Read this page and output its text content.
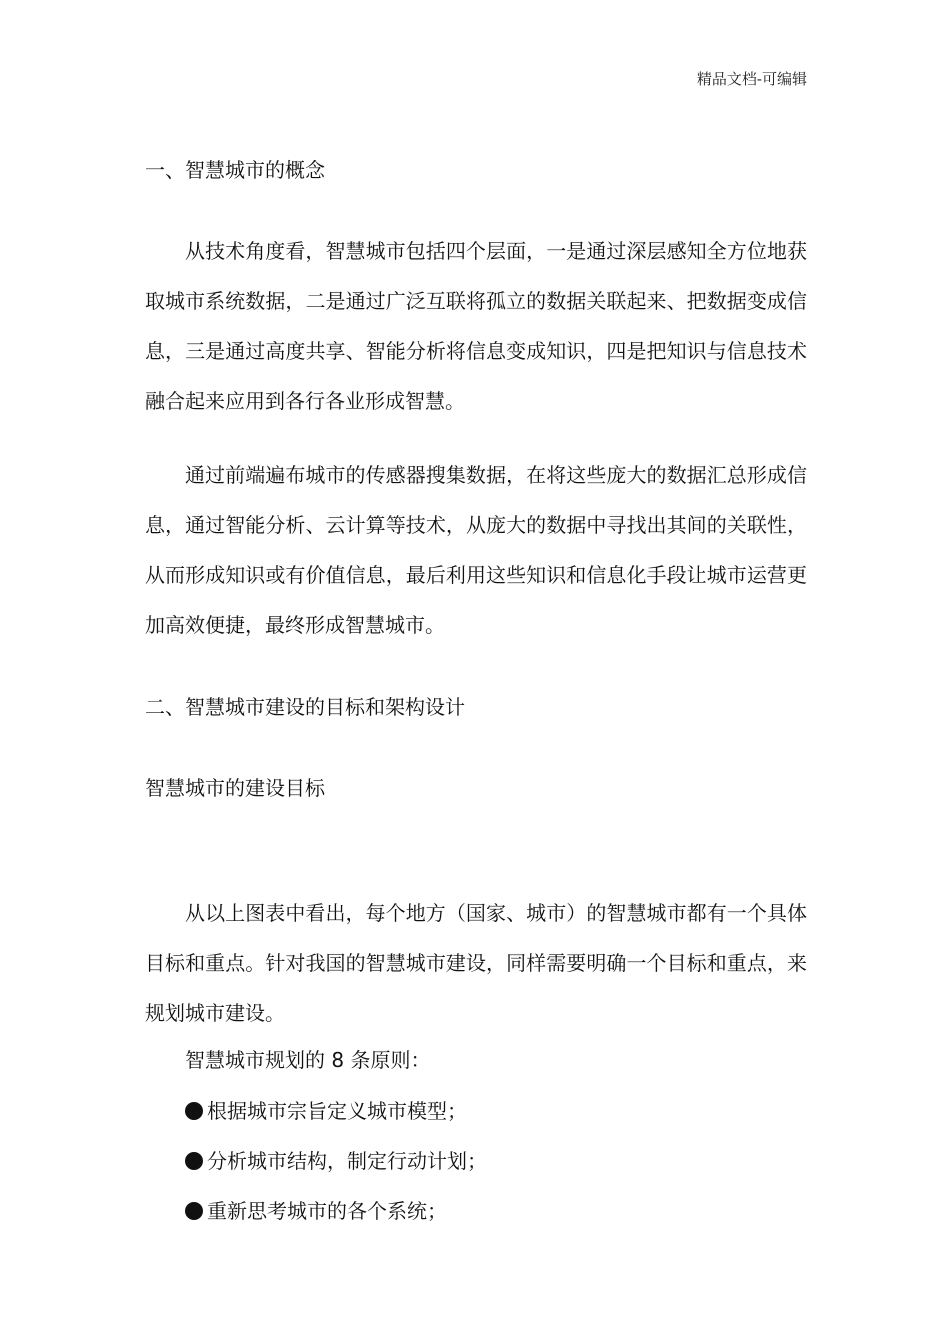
精品文档-可编辑

一、智慧城市的概念

从技术角度看，智慧城市包括四个层面，一是通过深层感知全方位地获取城市系统数据，二是通过广泛互联将孤立的数据关联起来、把数据变成信息，三是通过高度共享、智能分析将信息变成知识，四是把知识与信息技术融合起来应用到各行各业形成智慧。

通过前端遍布城市的传感器搜集数据，在将这些庞大的数据汇总形成信息，通过智能分析、云计算等技术，从庞大的数据中寻找出其间的关联性，从而形成知识或有价值信息，最后利用这些知识和信息化手段让城市运营更加高效便捷，最终形成智慧城市。

二、智慧城市建设的目标和架构设计

智慧城市的建设目标

从以上图表中看出，每个地方（国家、城市）的智慧城市都有一个具体目标和重点。针对我国的智慧城市建设，同样需要明确一个目标和重点，来规划城市建设。

智慧城市规划的 8 条原则：

根据城市宗旨定义城市模型；
分析城市结构，制定行动计划；
重新思考城市的各个系统；
